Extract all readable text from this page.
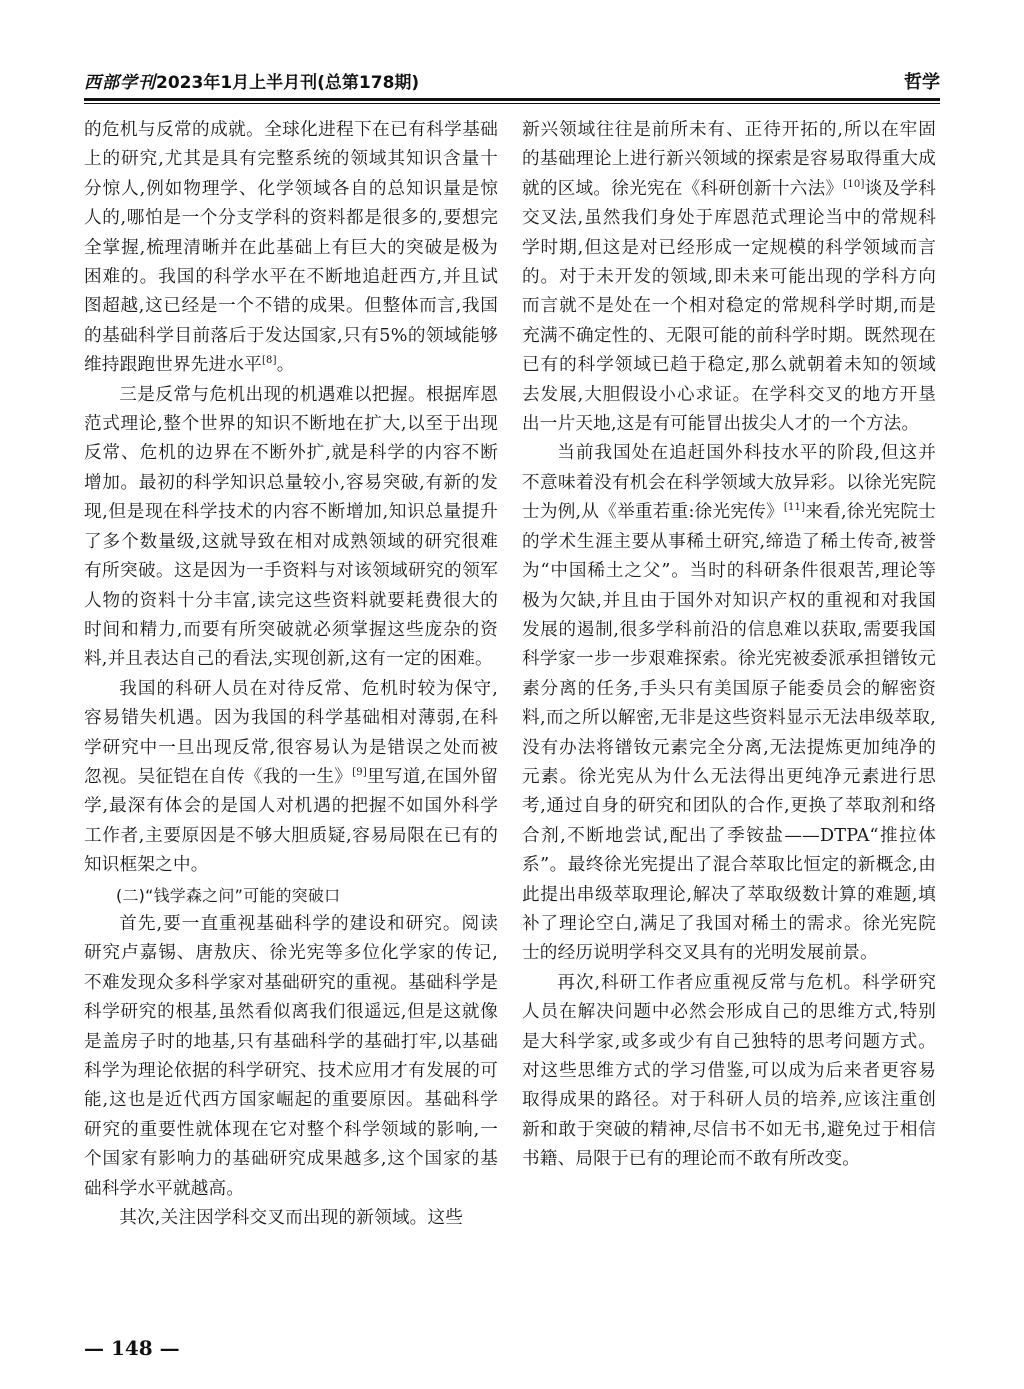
西部学刊2023年1月上半月刊(总第178期)	哲学

的危机与反常的成就。全球化进程下在已有科学基础上的研究,尤其是具有完整系统的领域其知识含量十分惊人,例如物理学、化学领域各自的总知识量是惊人的,哪怕是一个分支学科的资料都是很多的,要想完全掌握,梳理清晰并在此基础上有巨大的突破是极为困难的。我国的科学水平在不断地追赶西方,并且试图超越,这已经是一个不错的成果。但整体而言,我国的基础科学目前落后于发达国家,只有5%的领域能够维持跟跑世界先进水平[8]。

三是反常与危机出现的机遇难以把握。根据库恩范式理论,整个世界的知识不断地在扩大,以至于出现反常、危机的边界在不断外扩,就是科学的内容不断增加。最初的科学知识总量较小,容易突破,有新的发现,但是现在科学技术的内容不断增加,知识总量提升了多个数量级,这就导致在相对成熟领域的研究很难有所突破。这是因为一手资料与对该领域研究的领军人物的资料十分丰富,读完这些资料就要耗费很大的时间和精力,而要有所突破就必须掌握这些庞杂的资料,并且表达自己的看法,实现创新,这有一定的困难。

我国的科研人员在对待反常、危机时较为保守,容易错失机遇。因为我国的科学基础相对薄弱,在科学研究中一旦出现反常,很容易认为是错误之处而被忽视。吴征铠在自传《我的一生》[9]里写道,在国外留学,最深有体会的是国人对机遇的把握不如国外科学工作者,主要原因是不够大胆质疑,容易局限在已有的知识框架之中。

(二)“钱学森之问”可能的突破口

首先,要一直重视基础科学的建设和研究。阅读研究卢嘉锡、唐敖庆、徐光宪等多位化学家的传记,不难发现众多科学家对基础研究的重视。基础科学是科学研究的根基,虽然看似离我们很遥远,但是这就像是盖房子时的地基,只有基础科学的基础打牢,以基础科学为理论依据的科学研究、技术应用才有发展的可能,这也是近代西方国家崛起的重要原因。基础科学研究的重要性就体现在它对整个科学领域的影响,一个国家有影响力的基础研究成果越多,这个国家的基础科学水平就越高。

其次,关注因学科交叉而出现的新领域。这些

新兴领域往往是前所未有、正待开拓的,所以在牢固的基础理论上进行新兴领域的探索是容易取得重大成就的区域。徐光宪在《科研创新十六法》[10]谈及学科交叉法,虽然我们身处于库恩范式理论当中的常规科学时期,但这是对已经形成一定规模的科学领域而言的。对于未开发的领域,即未来可能出现的学科方向而言就不是处在一个相对稳定的常规科学时期,而是充满不确定性的、无限可能的前科学时期。既然现在已有的科学领域已趋于稳定,那么就朝着未知的领域去发展,大胆假设小心求证。在学科交叉的地方开垦出一片天地,这是有可能冒出拔尖人才的一个方法。

当前我国处在追赶国外科技水平的阶段,但这并不意味着没有机会在科学领域大放异彩。以徐光宪院士为例,从《举重若重:徐光宪传》[11]来看,徐光宪院士的学术生涯主要从事稀土研究,缔造了稀土传奇,被誉为“中国稀土之父”。当时的科研条件很艰苦,理论等极为欠缺,并且由于国外对知识产权的重视和对我国发展的遏制,很多学科前沿的信息难以获取,需要我国科学家一步一步艰难探索。徐光宪被委派承担镨钕元素分离的任务,手头只有美国原子能委员会的解密资料,而之所以解密,无非是这些资料显示无法串级萃取,没有办法将镨钕元素完全分离,无法提炼更加纯净的元素。徐光宪从为什么无法得出更纯净元素进行思考,通过自身的研究和团队的合作,更换了萃取剂和络合剂,不断地尝试,配出了季铵盐——DTPA“推拉体系”。最终徐光宪提出了混合萃取比恒定的新概念,由此提出串级萃取理论,解决了萃取级数计算的难题,填补了理论空白,满足了我国对稀土的需求。徐光宪院士的经历说明学科交叉具有的光明发展前景。

再次,科研工作者应重视反常与危机。科学研究人员在解决问题中必然会形成自己的思维方式,特别是大科学家,或多或少有自己独特的思考问题方式。对这些思维方式的学习借鉴,可以成为后来者更容易取得成果的路径。对于科研人员的培养,应该注重创新和敢于突破的精神,尽信书不如无书,避免过于相信书籍、局限于已有的理论而不敢有所改变。

— 148 —
